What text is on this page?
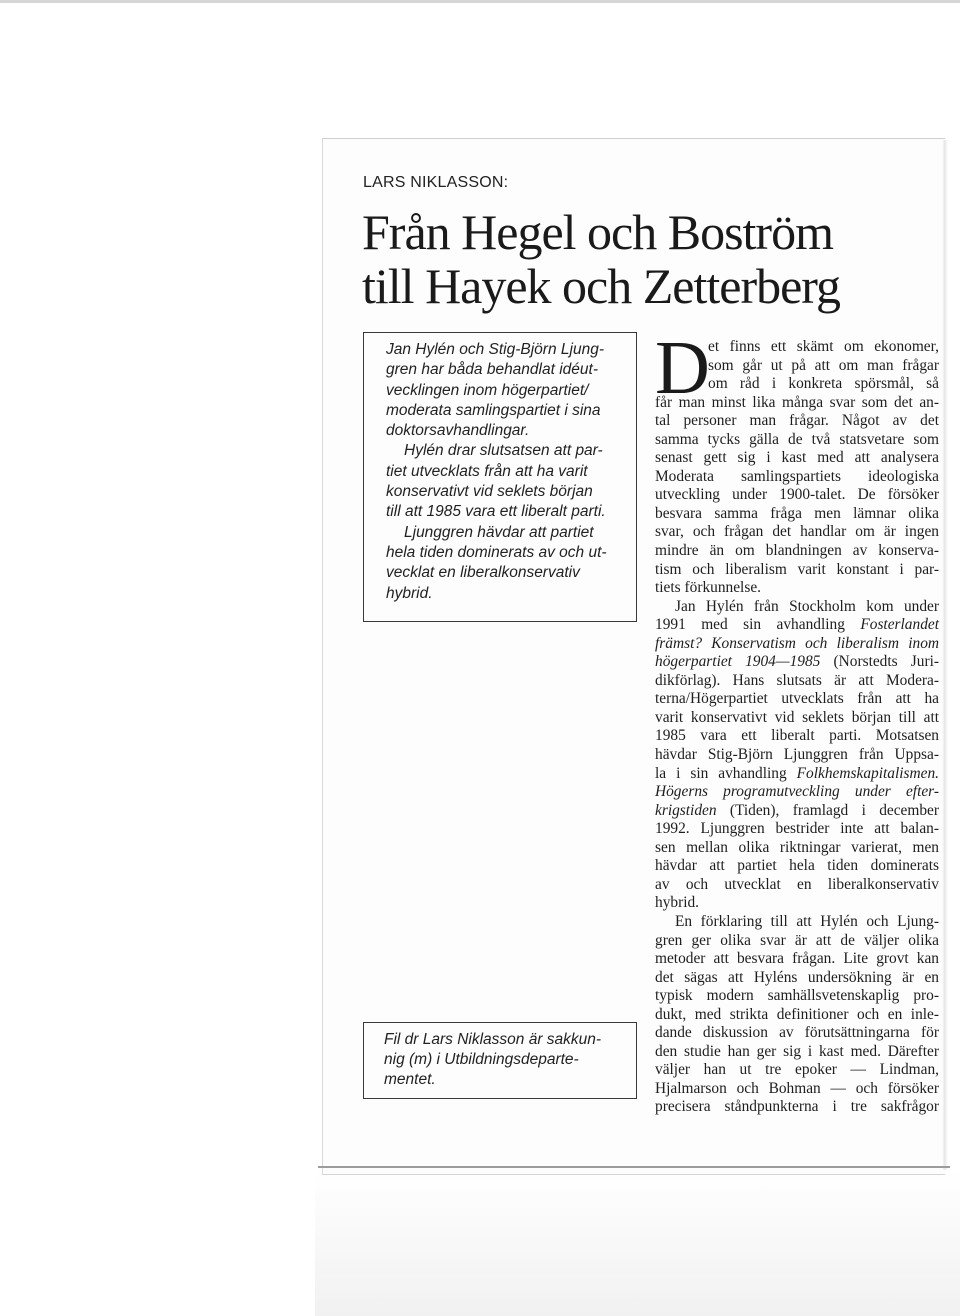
LARS NIKLASSON:
Från Hegel och Boström
till Hayek och Zetterberg

Jan Hylén och Stig-Björn Ljung-
gren har båda behandlat idéut-
vecklingen inom högerpartiet/
moderata samlingspartiet i sina
doktorsavhandlingar.
Hylén drar slutsatsen att par-
tiet utvecklats från att ha varit
konservativt vid seklets början
till att 1985 vara ett liberalt parti.
Ljunggren hävdar att partiet
hela tiden dominerats av och ut-
vecklat en liberalkonservativ
hybrid.

Fil dr Lars Niklasson är sakkun-
nig (m) i Utbildningsdeparte-
mentet.

D
et finns ett skämt om ekonomer,
som går ut på att om man frågar
om råd i konkreta spörsmål, så
får man minst lika många svar som det an-
tal personer man frågar. Något av det
samma tycks gälla de två statsvetare som
senast gett sig i kast med att analysera
Moderata samlingspartiets ideologiska
utveckling under 1900-talet. De försöker
besvara samma fråga men lämnar olika
svar, och frågan det handlar om är ingen
mindre än om blandningen av konserva-
tism och liberalism varit konstant i par-
tiets förkunnelse.
Jan Hylén från Stockholm kom under
1991 med sin avhandling Fosterlandet
främst? Konservatism och liberalism inom
högerpartiet 1904—1985 (Norstedts Juri-
dikförlag). Hans slutsats är att Modera-
terna/Högerpartiet utvecklats från att ha
varit konservativt vid seklets början till att
1985 vara ett liberalt parti. Motsatsen
hävdar Stig-Björn Ljunggren från Uppsa-
la i sin avhandling Folkhemskapitalismen.
Högerns programutveckling under efter-
krigstiden (Tiden), framlagd i december
1992. Ljunggren bestrider inte att balan-
sen mellan olika riktningar varierat, men
hävdar att partiet hela tiden dominerats
av och utvecklat en liberalkonservativ
hybrid.
En förklaring till att Hylén och Ljung-
gren ger olika svar är att de väljer olika
metoder att besvara frågan. Lite grovt kan
det sägas att Hyléns undersökning är en
typisk modern samhällsvetenskaplig pro-
dukt, med strikta definitioner och en inle-
dande diskussion av förutsättningarna för
den studie han ger sig i kast med. Därefter
väljer han ut tre epoker — Lindman,
Hjalmarson och Bohman — och försöker
precisera ståndpunkterna i tre sakfrågor
